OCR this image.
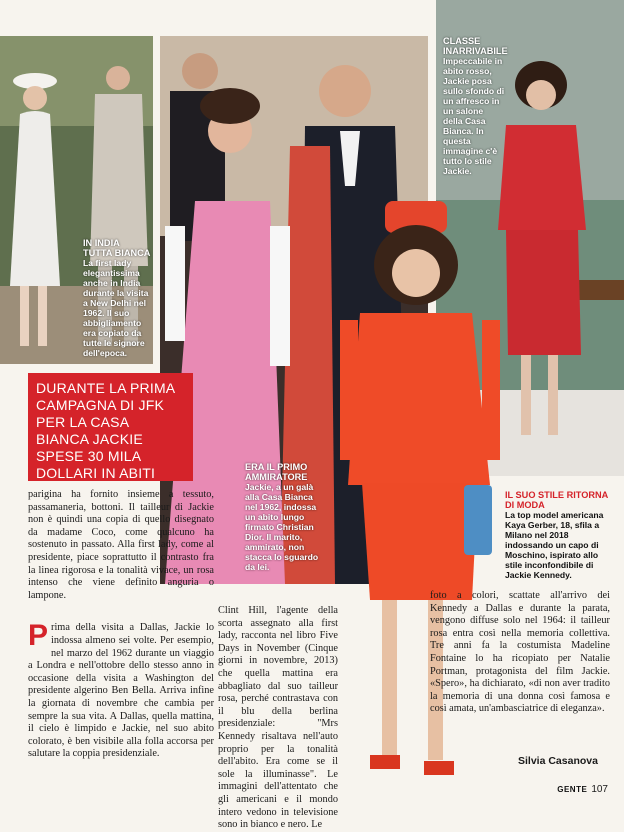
IN INDIA TUTTA BIANCA
La first lady elegantissima anche in India durante la visita a New Delhi nel 1962. Il suo abbigliamento era copiato da tutte le signore dell'epoca.
ERA IL PRIMO AMMIRATORE
Jackie, a un galà alla Casa Bianca nel 1962, indossa un abito lungo firmato Christian Dior. Il marito, ammirato, non stacca lo sguardo da lei.
CLASSE INARRIVABILE
Impeccabile in abito rosso, Jackie posa sullo sfondo di un affresco in un salone della Casa Bianca. In questa immagine c'è tutto lo stile Jackie.
IL SUO STILE RITORNA DI MODA
La top model americana Kaya Gerber, 18, sfila a Milano nel 2018 indossando un capo di Moschino, ispirato allo stile inconfondibile di Jackie Kennedy.
DURANTE LA PRIMA CAMPAGNA DI JFK PER LA CASA BIANCA JACKIE SPESE 30 MILA DOLLARI IN ABITI

parigina ha fornito insieme a tessuto, passamaneria, bottoni. Il tailleur di Jackie non è quindi una copia di quello disegnato da madame Coco, come qualcuno ha sostenuto in passato. Alla first lady, come al presidente, piace soprattutto il contrasto fra la linea rigorosa e la tonalità vivace, un rosa intenso che viene definito anguria o lampone.

P rima della visita a Dallas, Jackie lo indossa almeno sei volte. Per esempio, nel marzo del 1962 durante un viaggio a Londra e nell'ottobre dello stesso anno in occasione della visita a Washington del presidente algerino Ben Bella. Arriva infine la giornata di novembre che cambia per sempre la sua vita. A Dallas, quella mattina, il cielo è limpido e Jackie, nel suo abito colorato, è ben visibile alla folla accorsa per salutare la coppia presidenziale.

Clint Hill, l'agente della scorta assegnato alla first lady, racconta nel libro Five Days in November (Cinque giorni in novembre, 2013) che quella mattina era abbagliato dal suo tailleur rosa, perché contrastava con il blu della berlina presidenziale: "Mrs Kennedy risaltava nell'auto proprio per la tonalità dell'abito. Era come se il sole la illuminasse". Le immagini dell'attentato che gli americani e il mondo intero vedono in televisione sono in bianco e nero. Le

foto a colori, scattate all'arrivo dei Kennedy a Dallas e durante la parata, vengono diffuse solo nel 1964: il tailleur rosa entra così nella memoria collettiva. Tre anni fa la costumista Madeline Fontaine lo ha ricopiato per Natalie Portman, protagonista del film Jackie. «Spero», ha dichiarato, «di non aver tradito la memoria di una donna così famosa e così amata, un'ambasciatrice di eleganza».

Silvia Casanova
GENTE 107
